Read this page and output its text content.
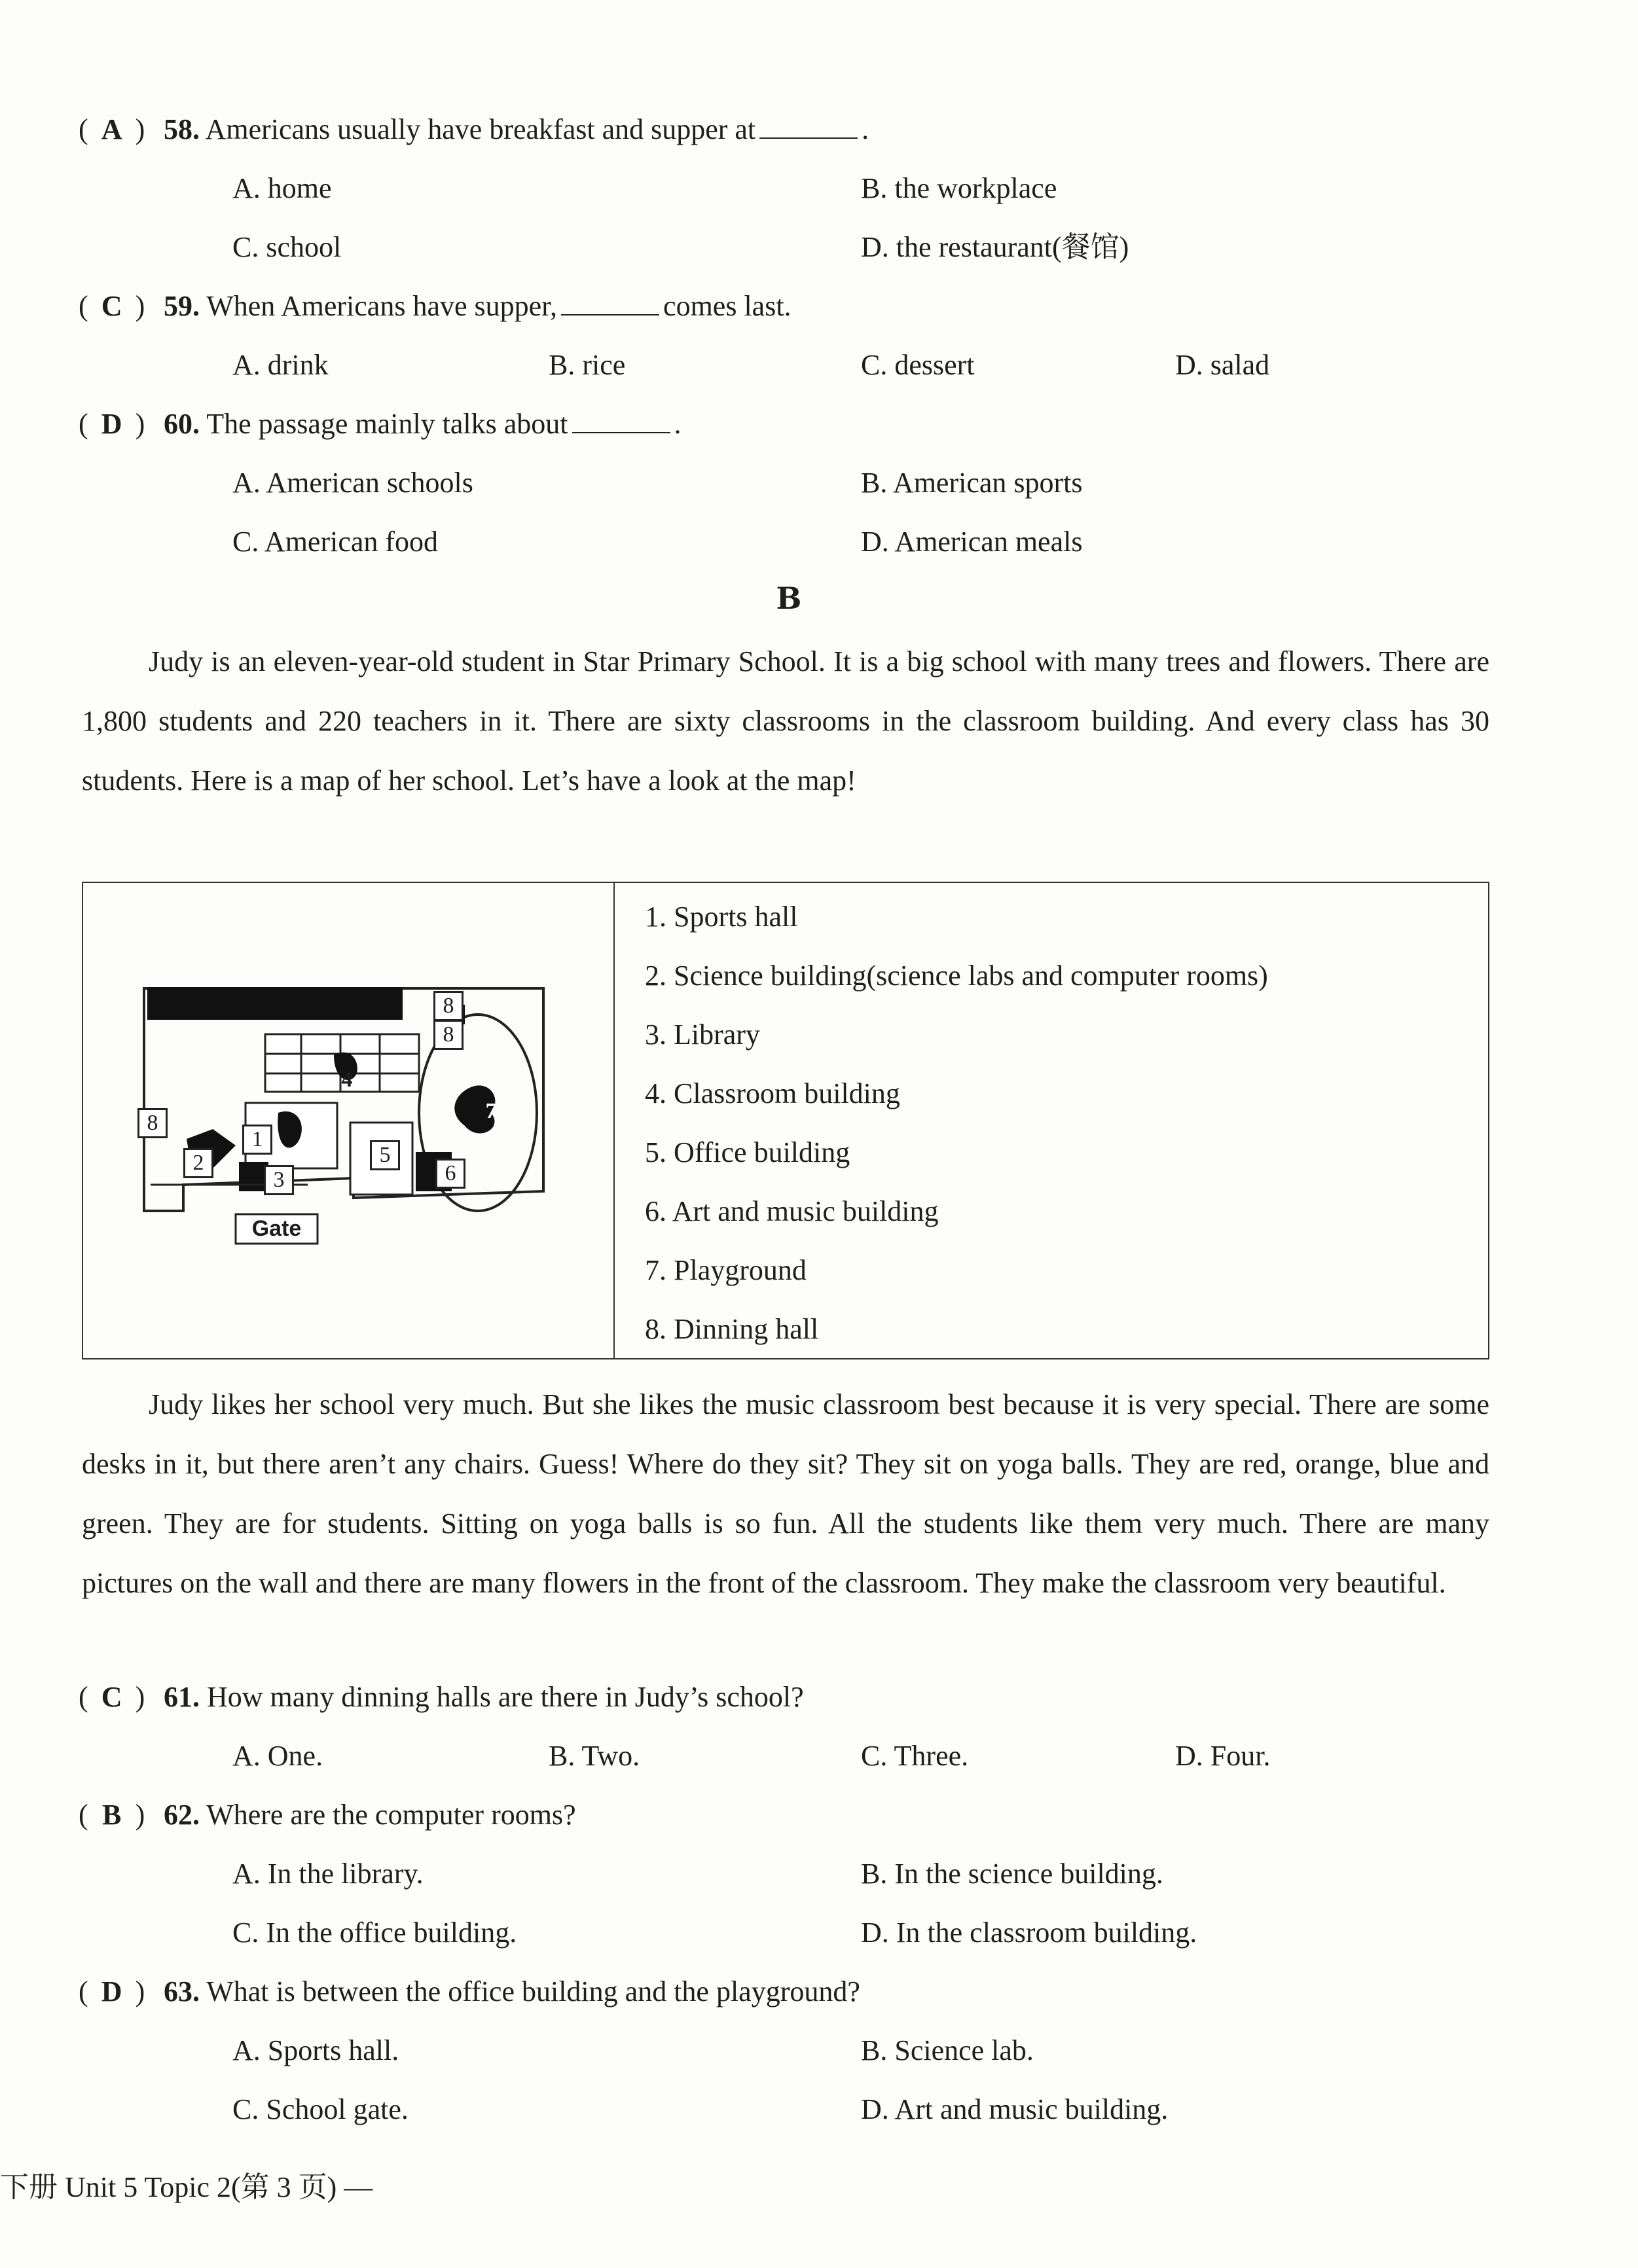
( A ) 58. Americans usually have breakfast and supper at	.
A. home	B. the workplace
C. school	D. the restaurant(餐馆)
( C ) 59. When Americans have supper,	comes last.
A. drink	B. rice	C. dessert	D. salad
( D ) 60. The passage mainly talks about	.
A. American schools	B. American sports
C. American food	D. American meals
B
Judy is an eleven-year-old student in Star Primary School. It is a big school with many trees and flowers. There are 1,800 students and 220 teachers in it. There are sixty classrooms in the classroom building. And every class has 30 students. Here is a map of her school. Let’s have a look at the map!
Gate
1
2
3
4
5
6
7
8
8
8
1. Sports hall
2. Science building(science labs and computer rooms)
3. Library
4. Classroom building
5. Office building
6. Art and music building
7. Playground
8. Dinning hall
Judy likes her school very much. But she likes the music classroom best because it is very special. There are some desks in it, but there aren’t any chairs. Guess! Where do they sit? They sit on yoga balls. They are red, orange, blue and green. They are for students. Sitting on yoga balls is so fun. All the students like them very much. There are many pictures on the wall and there are many flowers in the front of the classroom. They make the classroom very beautiful.
( C ) 61. How many dinning halls are there in Judy’s school?
A. One.	B. Two.	C. Three.	D. Four.
( B ) 62. Where are the computer rooms?
A. In the library.	B. In the science building.
C. In the office building.	D. In the classroom building.
( D ) 63. What is between the office building and the playground?
A. Sports hall.	B. Science lab.
C. School gate.	D. Art and music building.
下册 Unit 5 Topic 2(第 3 页) —
